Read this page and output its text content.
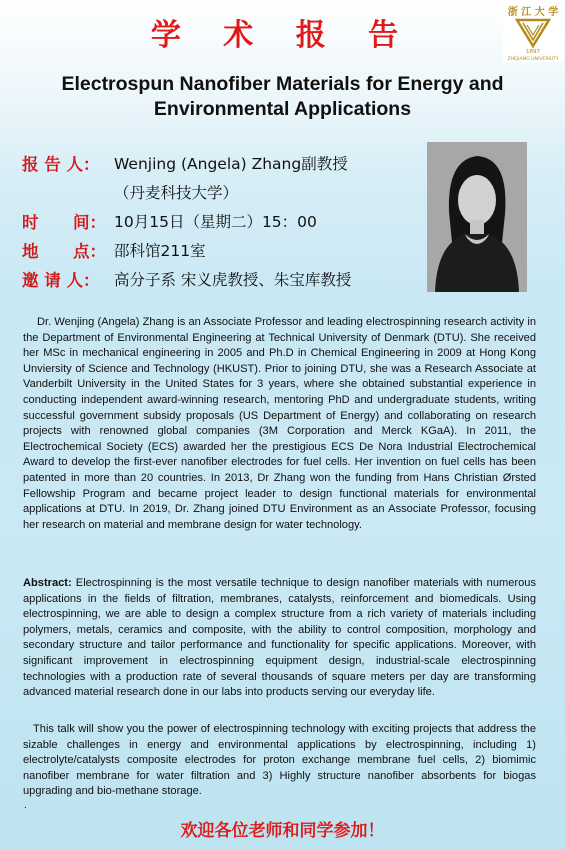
学 术 报 告
浙 江 大 学
1897
ZHEJIANG UNIVERSITY
Electrospun Nanofiber Materials for Energy and Environmental Applications
报 告 人： Wenjing (Angela) Zhang副教授
（丹麦科技大学）
时      间： 10月15日（星期二）15：00
地      点： 邵科馆211室
邀 请 人： 高分子系 宋义虎教授、朱宝库教授
Dr. Wenjing (Angela) Zhang is an Associate Professor and leading electrospinning research activity in the Department of Environmental Engineering at Technical University of Denmark (DTU). She received her MSc in mechanical engineering in 2005 and Ph.D in Chemical Engineering in 2009 at Hong Kong Unviersity of Science and Technology (HKUST). Prior to joining DTU, she was a Research Associate at Vanderbilt University in the United States for 3 years, where she obtained substantial experience in conducting independent award-winning research, mentoring PhD and undergraduate students, writing successful government subsidy proposals (US Department of Energy) and collaborating on research projects with renowned global companies (3M Corporation and Merck KGaA). In 2011, the Electrochemical Society (ECS) awarded her the prestigious ECS De Nora Industrial Electrochemical Award to develop the first-ever nanofiber electrodes for fuel cells. Her invention on fuel cells has been patented in more than 20 countries. In 2013, Dr Zhang won the funding from Hans Christian Ørsted Fellowship Program and became project leader to design functional materials for environmental applications at DTU. In 2019, Dr. Zhang joined DTU Environment as an Associate Professor, focusing her research on material and membrane design for water technology.
Abstract: Electrospinning is the most versatile technique to design nanofiber materials with numerous applications in the fields of filtration, membranes, catalysts, reinforcement and biomedicals. Using electrospinning, we are able to design a complex structure from a rich variety of materials including polymers, metals, ceramics and composite, with the ability to control composition, morphology and secondary structure and tailor performance and functionality for specific applications. Moreover, with significant improvement in electrospinning equipment design, industrial-scale electrospinning technologies with a production rate of several thousands of square meters per day are transforming advanced material research done in our labs into products serving our everyday life.
This talk will show you the power of electrospinning technology with exciting projects that address the sizable challenges in energy and environmental applications by electrospinning, including 1) electrolyte/catalysts composite electrodes for proton exchange membrane fuel cells, 2) biomimic nanofiber membrane for water filtration and 3) Highly structure nanofiber absorbents for biogas upgrading and bio-methane storage.
.
欢迎各位老师和同学参加！
